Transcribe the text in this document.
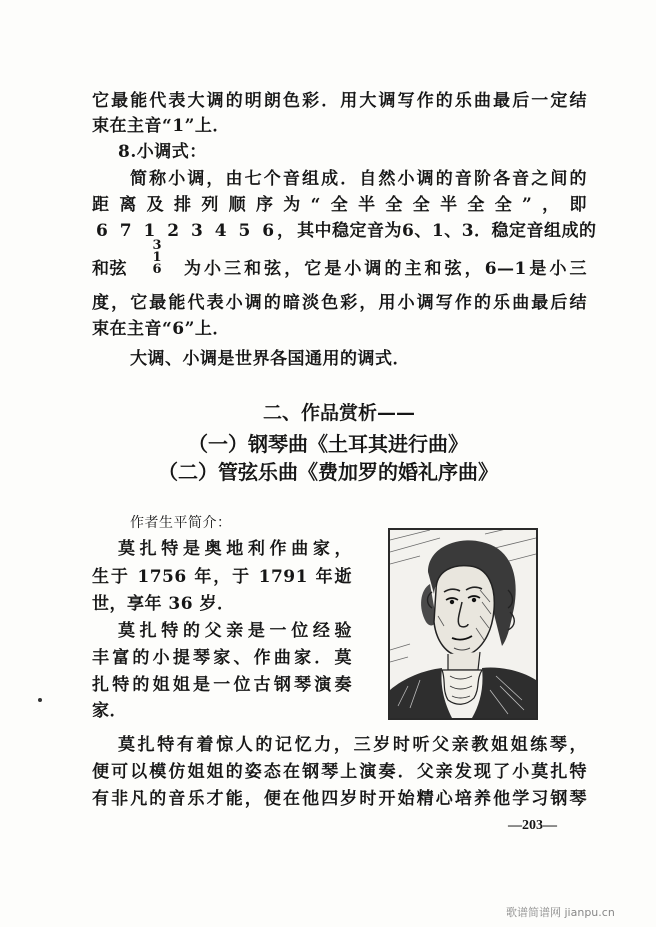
它最能代表大调的明朗色彩．用大调写作的乐曲最后一定结
束在主音“1”上．
8.小调式：
简称小调，由七个音组成．自然小调的音阶各音之间的
距离及排列顺序为“全半全全半全全”，即
6 7 1 2 3 4 5 6， 其中稳定音为6、1、3．稳定音组成的
和弦
3
1
6 为小三和弦，它是小调的主和弦，6—1是小三
度，它最能代表小调的暗淡色彩，用小调写作的乐曲最后结
束在主音“6”上．
大调、小调是世界各国通用的调式．
二、作品赏析——
（一）钢琴曲《土耳其进行曲》
（二）管弦乐曲《费加罗的婚礼序曲》
作者生平简介：
莫扎特是奥地利作曲家，
生于 1756 年，于 1791 年逝
世，享年 36 岁．
莫扎特的父亲是一位经验
丰富的小提琴家、作曲家．莫
扎特的姐姐是一位古钢琴演奏
家．
莫扎特有着惊人的记忆力，三岁时听父亲教姐姐练琴，
便可以模仿姐姐的姿态在钢琴上演奏．父亲发现了小莫扎特
有非凡的音乐才能，便在他四岁时开始精心培养他学习钢琴
—203—
歌谱简谱网 jianpu.cn
